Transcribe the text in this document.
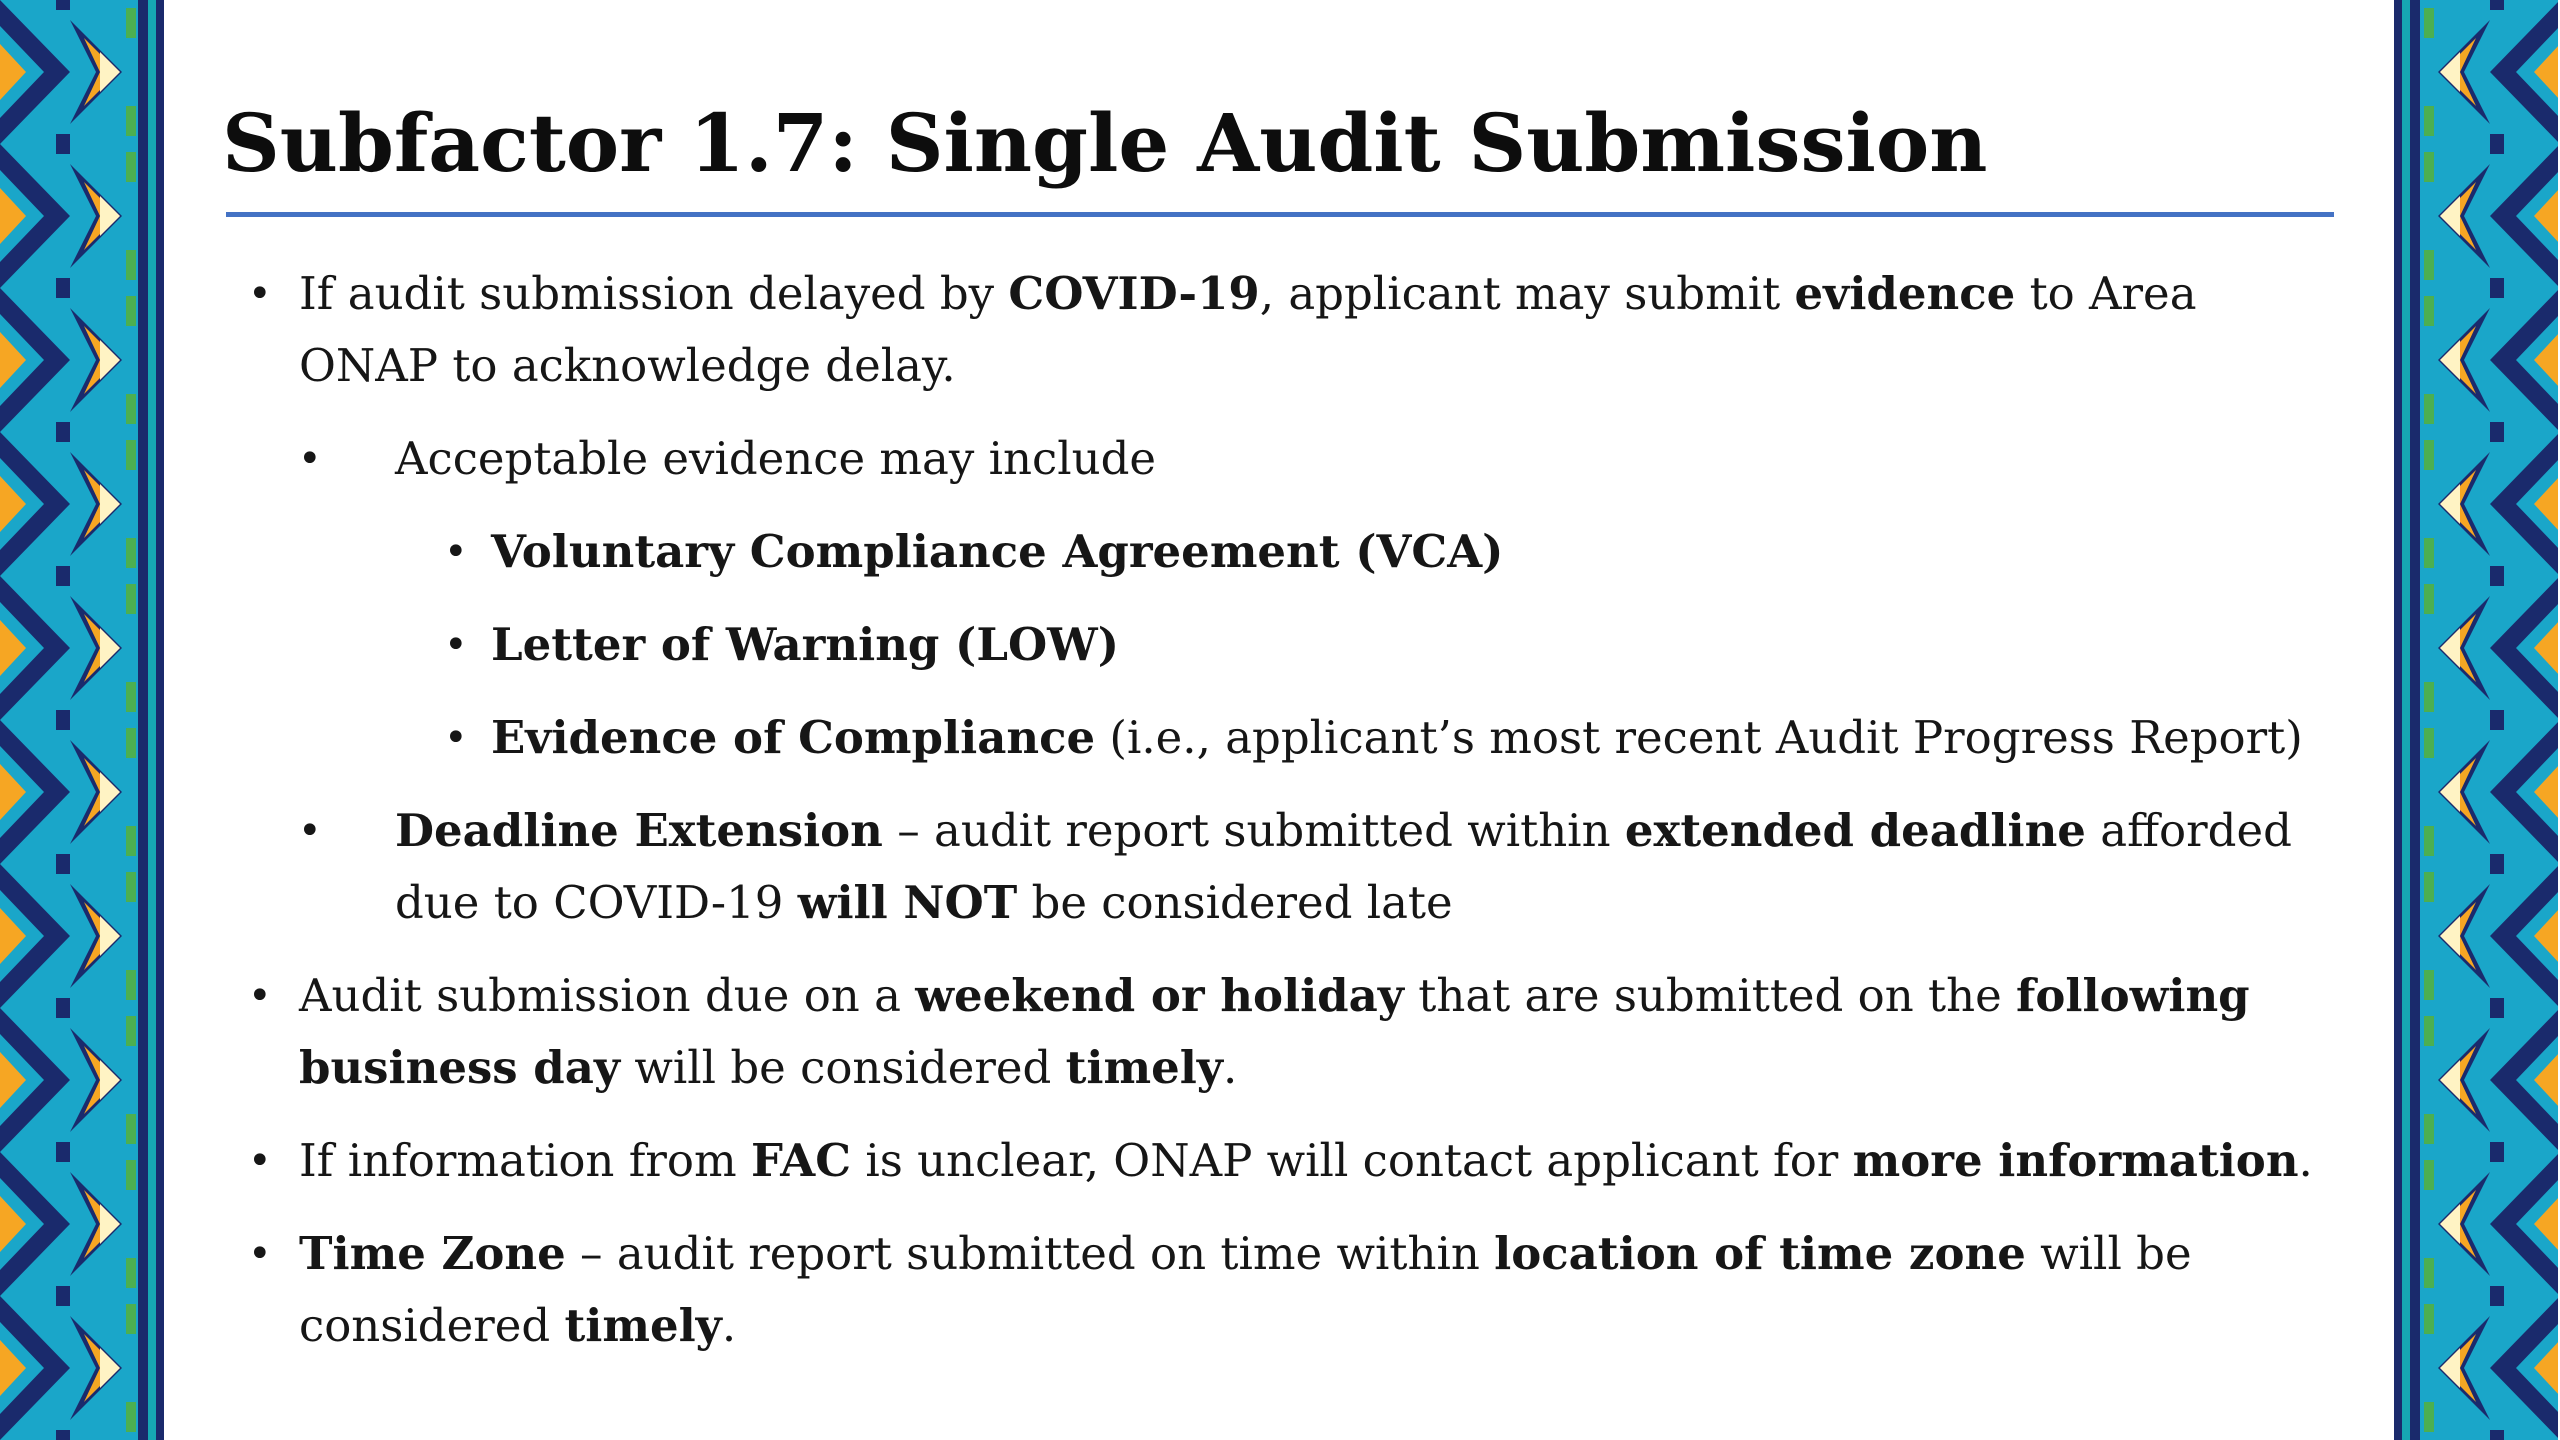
Subfactor 1.7: Single Audit Submission
• If audit submission delayed by COVID-19, applicant may submit evidence to Area ONAP to acknowledge delay.
• Acceptable evidence may include
• Voluntary Compliance Agreement (VCA)
• Letter of Warning (LOW)
• Evidence of Compliance (i.e., applicant’s most recent Audit Progress Report)
• Deadline Extension – audit report submitted within extended deadline afforded due to COVID-19 will NOT be considered late
• Audit submission due on a weekend or holiday that are submitted on the following business day will be considered timely.
• If information from FAC is unclear, ONAP will contact applicant for more information.
• Time Zone – audit report submitted on time within location of time zone will be considered timely.
